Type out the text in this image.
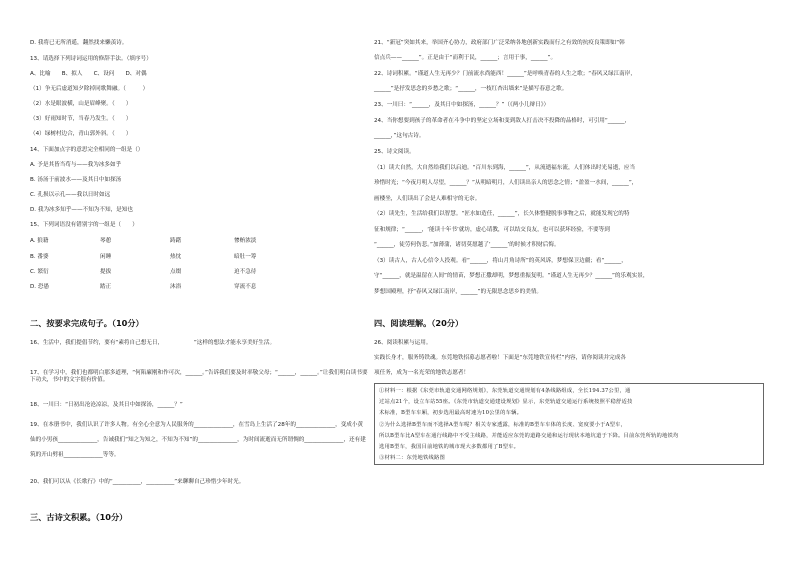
D. 我将已无所消遥，翻然找来懒羡诗。
13、请选择下列诗词运用的修辞手法。（填序号）
A、比喻　　B、拟人　　C、设问　　D、对偶
（1）争无后虚道知夕除掉同歌舞融。（　　　）
（2）水是眼波横，山是眉峰聚。（　　）
（3）好雨知时节，当春乃发生。（　　）
（4）绿树村边合，青山郭外斜。（　　）
14、下面加点字的意思完全相同的一组是（）
A. 予是其皆当苟与——我为冰多如乎
B. 汤汤于前波水——及其日中如探汤
C. 孔损以示孔——我以日时如远
D. 我为冰多知乎——不知为不知，是知也
15、下列词语没有错别字的一组是（　　）
A. 狼籍	琴憩	踌躇	惨贿浓淡
B. 番婆	闲睡	热忱	暗肚一筹
C. 繁衍	提拔	点缀	迫不急待
D. 恐愚	踏正	沐浴	穿流不息
二、按要求完成句子。（10分）
16、生活中，我们提倡节约，要有“素将自己想无日，　　　　　　”这样的想法才能永享美好生活。
17、在学习中，我们也都明白那多道理，“何陷廉刚和作可次，______。”告诉我们要及时率敬父母；“______，______。”让我们明白读书要下功夫，书中的文字很有价值。
18、一川曰：“日初出沧沧凉凉，及其日中如探汤，______？”
19、在本册书中，我们认识了许多人物。有全心全意为人民服务的______________，在雪岛上生活了28年的______________，变成小黄仙的小男孩______________，告诫我们“知之为知之，不知为不知”的______________，为时间流逝而无所谓惆的______________，还有建筑的开山劈祖______________等等。
20、我们可以从《长歌行》中的“__________，__________”来聊聊自己珍惜少年时光。
三、古诗文积累。（10分）
21、“新冠”突如其来，举国齐心协力，政府部门广泛采纳各地创新实践而行之有效的抗疫良策即如“韩
信点兵——______”。正是由于“而利于民，______；言用于事，______”。
22、诗词积累。“谨道人生无再少？门前流水尚能西！______”是呼唤青春的人生之歌；“春风又绿江南岸，
______”是抒发思念的乡愁之歌；“______，一枝红杏出墙来”是描写春意之歌。
23、一川曰：“______，及其日中如探汤，______？”（《两小儿辩日》）
24、当你想要到孩子的革命者在斗争中的坚定立场和变到敌人打击决不投降的品格时，可引用“______，
______，”这句古诗。
25、诗文阅读。
（1）读大自然，大自然给我们以启迪。“百川东到海，______”，从流逝福东流，人们体出时光易逝，应当
珍惜时光；“今夜月明人尽望，______？”从明暗明月，人们读出亲人的思念之情；“盈盈一水间，______”，
画楼坐，人们读出了会是人难相守的无奈。
（2）读先生，生活给我们以智慧。“匠水如造任，______”，长久体整健脱事事物之后，就能发现它的特
征和规律；“______，‘能读十年书’就坊，虚心请教，可以结交良友，也可以获坏经验，不要等到
“______，徒劳何伤悲。”加薄蒲，诸切莫愿越了‘______’的时候才积财后悔。
（3）读古人，古人心信令人投观。看“______，将山月角诗所”的英风诉，梦想保卫边疆；看“______，
守“______，就是温留在人间”的情苗，梦想正撒却明，梦想重振复明。“谨道人生无再少？______”的乐观实景，
梦想国殿理，抒“春风又绿江南岸，______”的无限思念思乡的美情。
四、阅读理解。（20分）
26、阅读积累与运用。
实践长身才，服务铸铁魂。东莞地铁招募志愿者啦！下面是“东莞地铁宣传栏”内容，请你阅读并完成各
项任务，成为一名光荣的地铁志愿者！
①材料一：根据《东莞市轨道交通网络规划》，东莞轨道交通规划有4条线路组成，全长194.37公里，通
过站点21个，设立车站55座。《东莞市轨道交通建设规划》显示，东莞轨道交通运行系统按照平稳舒适技
术标准，B型车车厢，初步选用最高时速为10公里的车辆。
②为什么选择B型车而不选择A型车呢？相关专家透露，标准的B型车车体的长度、宽度要小于A型车，
所以B型车比A型车在通行线路中不受主线路，并能适应东莞的道路交通和运行现状本地坑道于下降。目前东莞所轨的地铁均
选用B型车，我国目前地铁的城市现大多数都用了B型车。
③材料二：东莞地铁线路图
